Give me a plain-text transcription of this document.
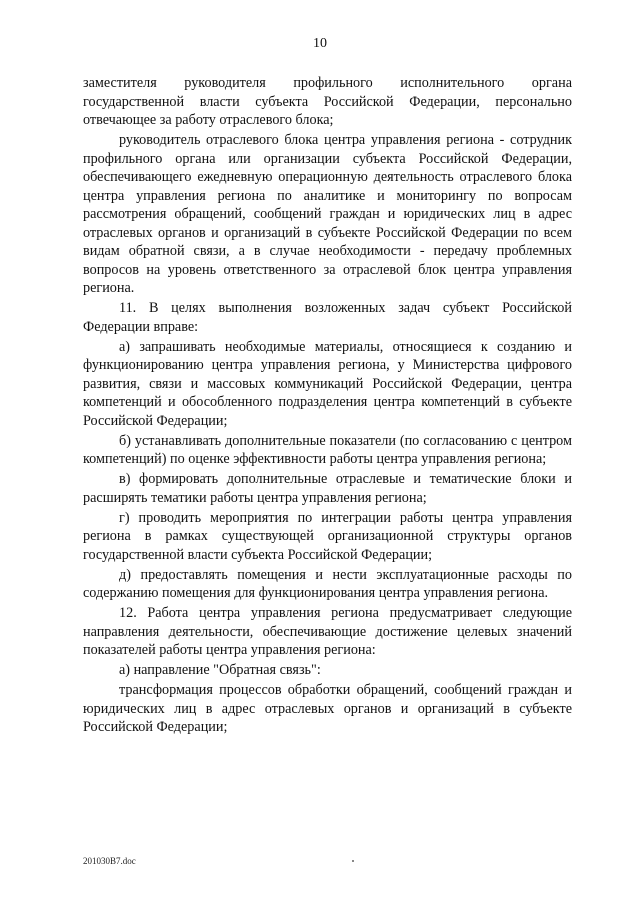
10

заместителя руководителя профильного исполнительного органа государственной власти субъекта Российской Федерации, персонально отвечающее за работу отраслевого блока;

руководитель отраслевого блока центра управления региона - сотрудник профильного органа или организации субъекта Российской Федерации, обеспечивающего ежедневную операционную деятельность отраслевого блока центра управления региона по аналитике и мониторингу по вопросам рассмотрения обращений, сообщений граждан и юридических лиц в адрес отраслевых органов и организаций в субъекте Российской Федерации по всем видам обратной связи, а в случае необходимости - передачу проблемных вопросов на уровень ответственного за отраслевой блок центра управления региона.

11. В целях выполнения возложенных задач субъект Российской Федерации вправе:

а) запрашивать необходимые материалы, относящиеся к созданию и функционированию центра управления региона, у Министерства цифрового развития, связи и массовых коммуникаций Российской Федерации, центра компетенций и обособленного подразделения центра компетенций в субъекте Российской Федерации;

б) устанавливать дополнительные показатели (по согласованию с центром компетенций) по оценке эффективности работы центра управления региона;

в) формировать дополнительные отраслевые и тематические блоки и расширять тематики работы центра управления региона;

г) проводить мероприятия по интеграции работы центра управления региона в рамках существующей организационной структуры органов государственной власти субъекта Российской Федерации;

д) предоставлять помещения и нести эксплуатационные расходы по содержанию помещения для функционирования центра управления региона.

12. Работа центра управления региона предусматривает следующие направления деятельности, обеспечивающие достижение целевых значений показателей работы центра управления региона:

а) направление "Обратная связь":

трансформация процессов обработки обращений, сообщений граждан и юридических лиц в адрес отраслевых органов и организаций в субъекте Российской Федерации;

201030В7.doc
